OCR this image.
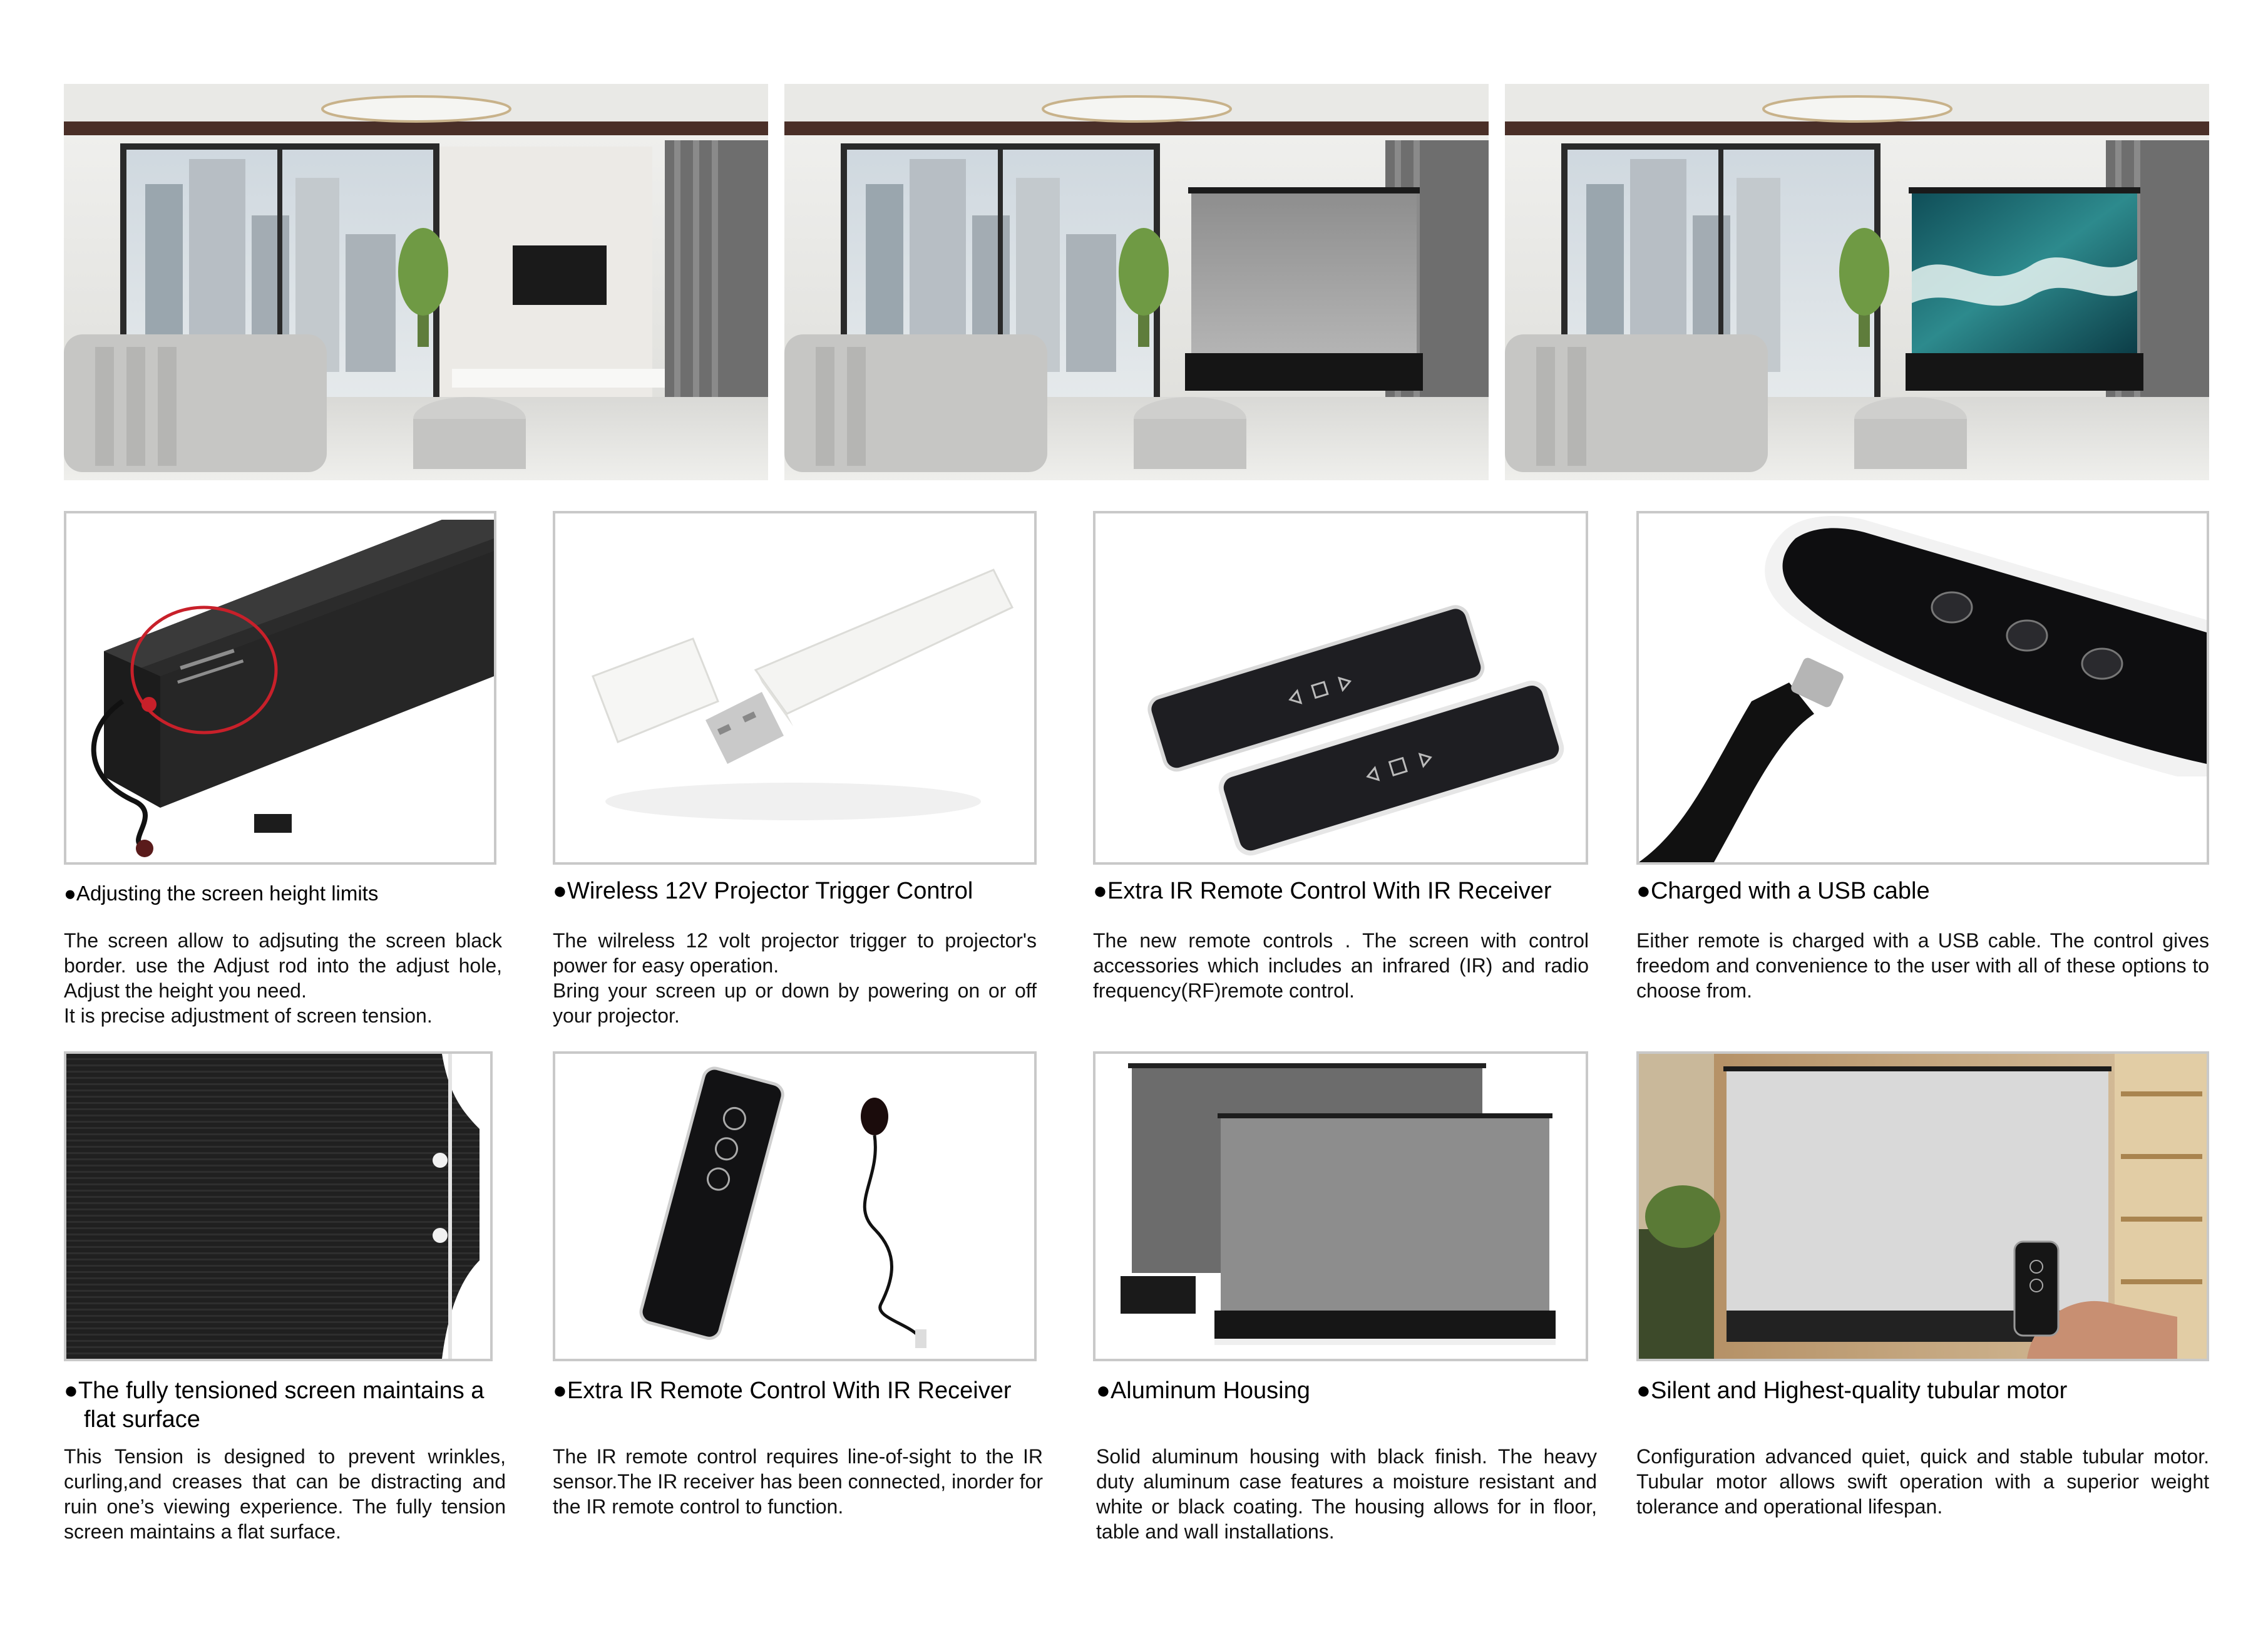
●Adjusting the screen height limits	●Wireless 12V Projector Trigger Control	●Extra IR Remote Control With IR Receiver	●Charged with a USB cable
The screen allow to adjsuting the screen black border. use the Adjust rod into the adjust hole, Adjust the height you need.
It is precise adjustment of screen tension.
The wilreless 12 volt projector trigger to projector's power for easy operation.
Bring your screen up or down by powering on or off your projector.
The new remote controls . The screen with control accessories which includes an infrared (IR) and radio frequency(RF)remote control.
Either remote is charged with a USB cable. The control gives freedom and convenience to the user with all of these options to choose from.
●The fully tensioned screen maintains a
flat surface
●Extra IR Remote Control With IR Receiver	●Aluminum Housing	●Silent and Highest-quality tubular motor
This Tension is designed to prevent wrinkles, curling,and creases that can be distracting and ruin one’s viewing experience. The fully tension screen maintains a flat surface.
The IR remote control requires line-of-sight to the IR sensor.The IR receiver has been connected, inorder for the IR remote control to function.
Solid aluminum housing with black finish. The heavy duty aluminum case features a moisture resistant and white or black coating. The housing allows for in floor, table and wall installations.
Configuration advanced quiet, quick and stable tubular motor. Tubular motor allows swift operation with a superior weight tolerance and operational lifespan.
